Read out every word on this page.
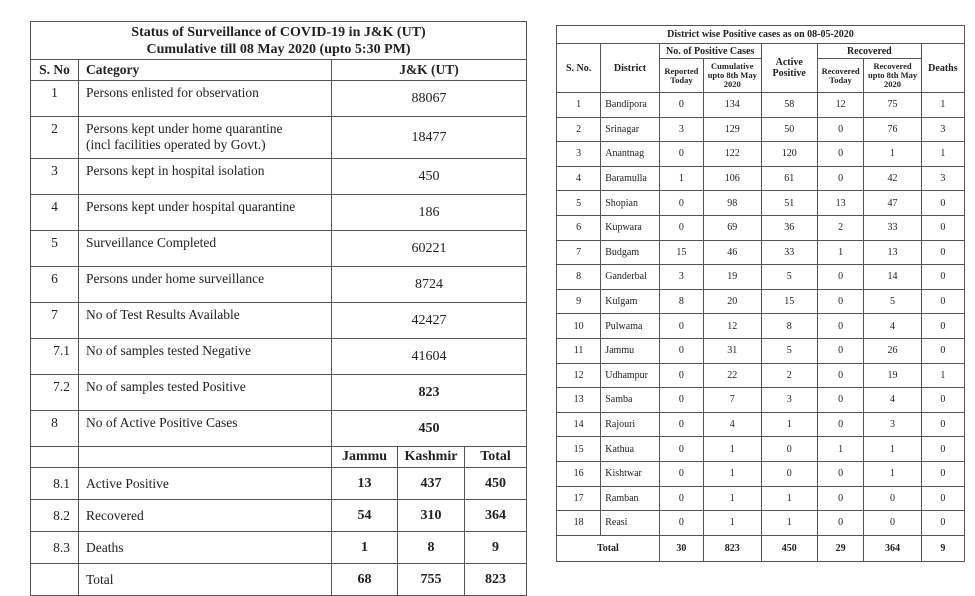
Status of Surveillance of COVID-19 in J&K (UT)
Cumulative till 08 May 2020 (upto 5:30 PM)				

S. No	Category	J&K (UT)		
1	Persons enlisted for observation	88067		
2	Persons kept under home quarantine
(incl facilities operated by Govt.)	18477		
3	Persons kept in hospital isolation	450		
4	Persons kept under hospital quarantine	186		
5	Surveillance Completed	60221		
6	Persons under home surveillance	8724		
7	No of Test Results Available	42427		
7.1	No of samples tested Negative	41604		
7.2	No of samples tested Positive	823		
8	No of Active Positive Cases	450		
		Jammu	Kashmir	Total
8.1	Active Positive	13	437	450
8.2	Recovered	54	310	364
8.3	Deaths	1	8	9
	Total	68	755	823
District wise Positive cases as on 08-05-2020							
S. No.	District	No. of Positive Cases		Active Positive	Recovered		Deaths
		Reported Today	Cumulative upto 8th May 2020		Recovered Today	Recovered upto 8th May 2020	
1	Bandipora	0	134	58	12	75	1
2	Srinagar	3	129	50	0	76	3
3	Anantnag	0	122	120	0	1	1
4	Baramulla	1	106	61	0	42	3
5	Shopian	0	98	51	13	47	0
6	Kupwara	0	69	36	2	33	0
7	Budgam	15	46	33	1	13	0
8	Ganderbal	3	19	5	0	14	0
9	Kulgam	8	20	15	0	5	0
10	Pulwama	0	12	8	0	4	0
11	Jammu	0	31	5	0	26	0
12	Udhampur	0	22	2	0	19	1
13	Samba	0	7	3	0	4	0
14	Rajouri	0	4	1	0	3	0
15	Kathua	0	1	0	1	1	0
16	Kishtwar	0	1	0	0	1	0
17	Ramban	0	1	1	0	0	0
18	Reasi	0	1	1	0	0	0
Total		30	823	450	29	364	9
